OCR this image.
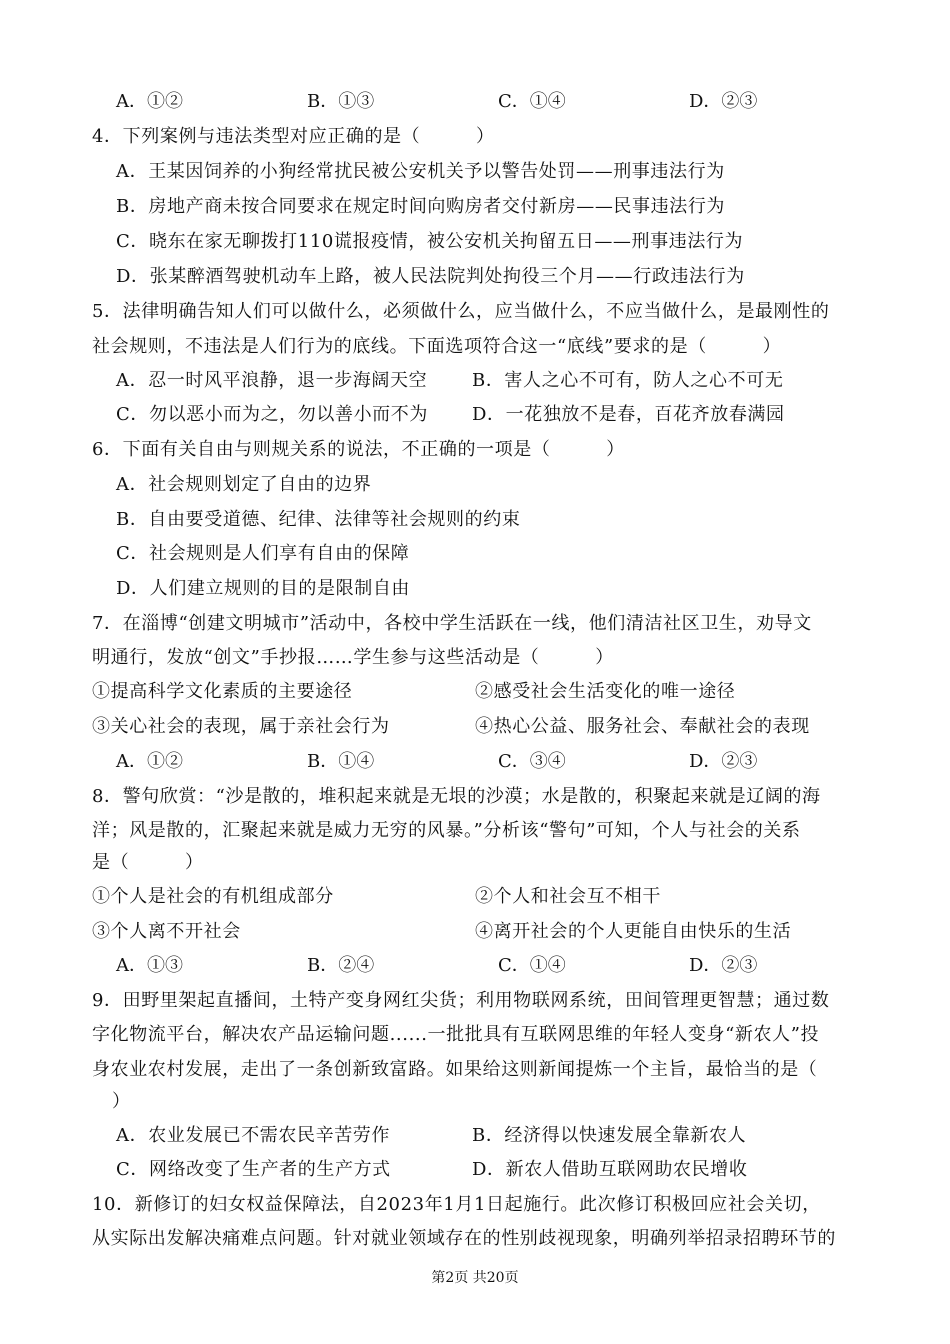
A．①②	B．①③	C．①④	D．②③
4．下列案例与违法类型对应正确的是（　　　）
A．王某因饲养的小狗经常扰民被公安机关予以警告处罚——刑事违法行为
B．房地产商未按合同要求在规定时间向购房者交付新房——民事违法行为
C．晓东在家无聊拨打110谎报疫情，被公安机关拘留五日——刑事违法行为
D．张某醉酒驾驶机动车上路，被人民法院判处拘役三个月——行政违法行为
5．法律明确告知人们可以做什么，必须做什么，应当做什么，不应当做什么，是最刚性的
社会规则，不违法是人们行为的底线。下面选项符合这一“底线”要求的是（　　　）
A．忍一时风平浪静，退一步海阔天空	B．害人之心不可有，防人之心不可无
C．勿以恶小而为之，勿以善小而不为	D．一花独放不是春，百花齐放春满园
6．下面有关自由与则规关系的说法，不正确的一项是（　　　）
A．社会规则划定了自由的边界
B．自由要受道德、纪律、法律等社会规则的约束
C．社会规则是人们享有自由的保障
D．人们建立规则的目的是限制自由
7．在淄博“创建文明城市”活动中，各校中学生活跃在一线，他们清洁社区卫生，劝导文
明通行，发放“创文”手抄报……学生参与这些活动是（　　　）
①提高科学文化素质的主要途径	②感受社会生活变化的唯一途径
③关心社会的表现，属于亲社会行为	④热心公益、服务社会、奉献社会的表现
A．①②	B．①④	C．③④	D．②③
8．警句欣赏：“沙是散的，堆积起来就是无垠的沙漠；水是散的，积聚起来就是辽阔的海
洋；风是散的，汇聚起来就是威力无穷的风暴。”分析该“警句”可知，个人与社会的关系
是（　　　）
①个人是社会的有机组成部分	②个人和社会互不相干
③个人离不开社会	④离开社会的个人更能自由快乐的生活
A．①③	B．②④	C．①④	D．②③
9．田野里架起直播间，土特产变身网红尖货；利用物联网系统，田间管理更智慧；通过数
字化物流平台，解决农产品运输问题......一批批具有互联网思维的年轻人变身“新农人”投
身农业农村发展，走出了一条创新致富路。如果给这则新闻提炼一个主旨，最恰当的是（
）
A．农业发展已不需农民辛苦劳作	B．经济得以快速发展全靠新农人
C．网络改变了生产者的生产方式	D．新农人借助互联网助农民增收
10．新修订的妇女权益保障法，自2023年1月1日起施行。此次修订积极回应社会关切，
从实际出发解决痛难点问题。针对就业领域存在的性别歧视现象，明确列举招录招聘环节的
第2页 共20页
